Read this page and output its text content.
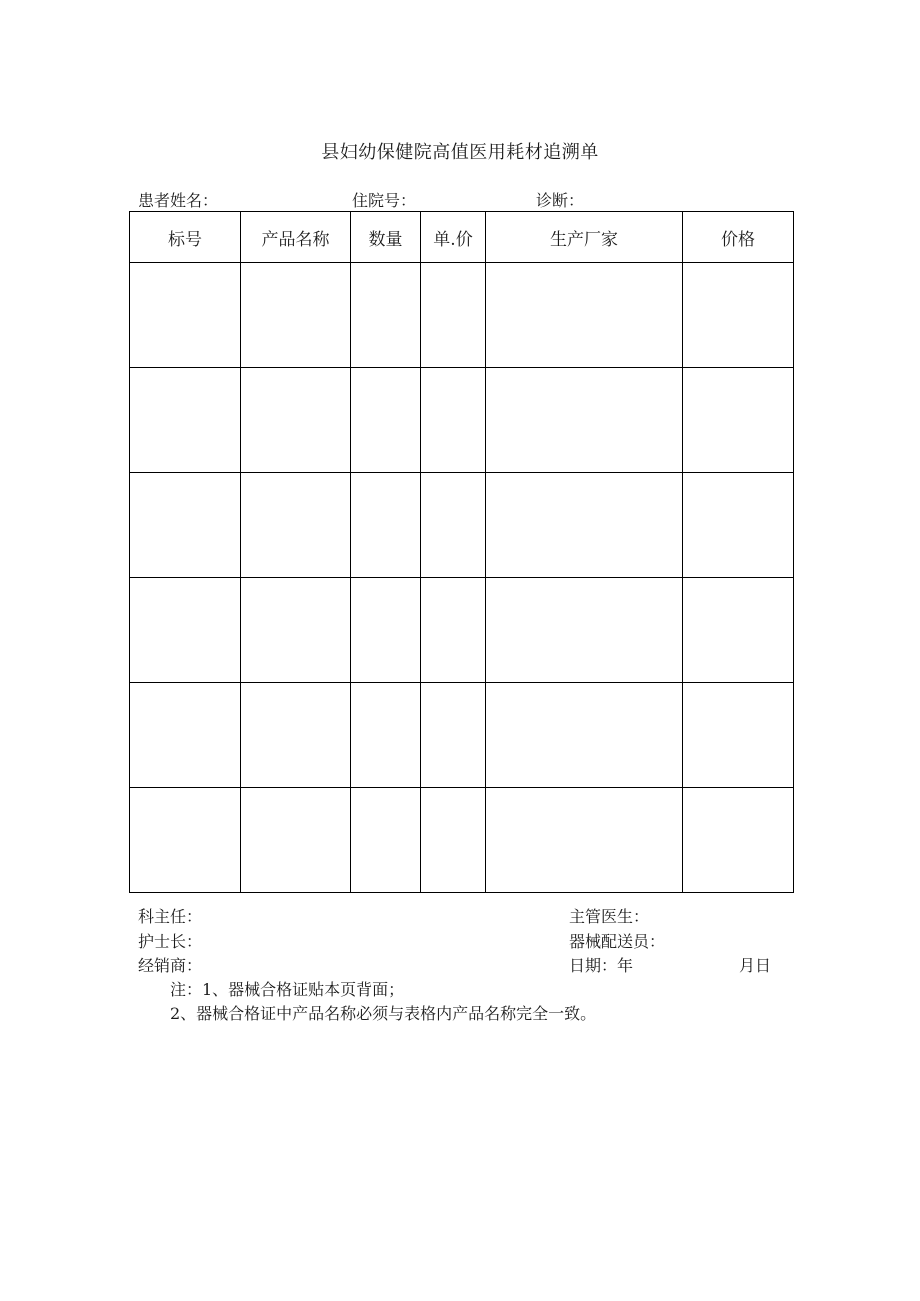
县妇幼保健院高值医用耗材追溯单
患者姓名：	住院号：	诊断：
标号	产品名称	数量	单.价	生产厂家	价格

科主任：	主管医生：
护士长：	器械配送员：
经销商：	日期：年	月日
注：1、器械合格证贴本页背面；
2、器械合格证中产品名称必须与表格内产品名称完全一致。
